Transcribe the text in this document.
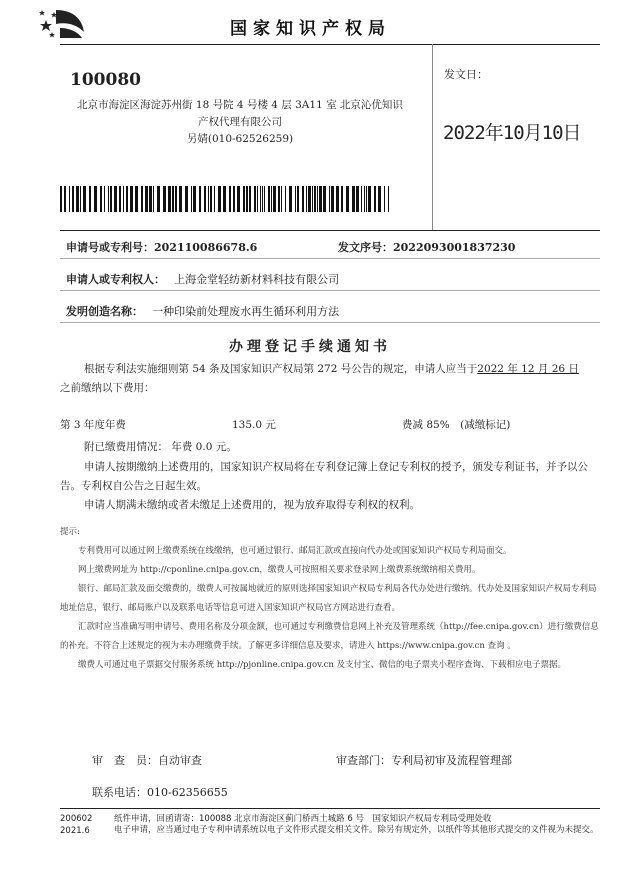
国家知识产权局
100080
北京市海淀区海淀苏州街 18 号院 4 号楼 4 层 3A11 室 北京沁优知识
产权代理有限公司
另婧(010-62526259)
发文日：
2022年10月10日
申请号或专利号：202110086678.6	发文序号：2022093001837230
申请人或专利权人： 上海金堂轻纺新材料科技有限公司
发明创造名称： 一种印染前处理废水再生循环利用方法
办理登记手续通知书
根据专利法实施细则第 54 条及国家知识产权局第 272 号公告的规定，申请人应当于2022 年 12 月 26 日
之前缴纳以下费用：
第 3 年度年费	135.0 元	费减 85%　(减缴标记)
附已缴费用情况： 年费 0.0 元。
申请人按期缴纳上述费用的，国家知识产权局将在专利登记簿上登记专利权的授予，颁发专利证书，并予以公告。专利权自公告之日起生效。
申请人期满未缴纳或者未缴足上述费用的，视为放弃取得专利权的权利。
提示:
专利费用可以通过网上缴费系统在线缴纳，也可通过银行、邮局汇款或直接向代办处或国家知识产权局专利局面交。
网上缴费网址为 http://cponline.cnipa.gov.cn，缴费人可按照相关要求登录网上缴费系统缴纳相关费用。
银行、邮局汇款及面交缴费的，缴费人可按属地就近的原则选择国家知识产权局专利局各代办处进行缴纳。代办处及国家知识产权局专利局地址信息，银行、邮局账户以及联系电话等信息可进入国家知识产权局官方网站进行查看。
汇款时应当准确写明申请号、费用名称及分项金额，也可通过专利缴费信息网上补充及管理系统（http://fee.cnipa.gov.cn）进行缴费信息的补充。不符合上述规定的视为未办理缴费手续。了解更多详细信息及要求，请进入 https://www.cnipa.gov.cn 查询 。
缴费人可通过电子票据交付服务系统 http://pjonline.cnipa.gov.cn 及支付宝、微信的电子票夹小程序查询、下载相应电子票据。
审　查　员：自动审查	审查部门：专利局初审及流程管理部
联系电话：010-62356655
200602
2021.6
纸件申请，回函请寄：100088 北京市海淀区蓟门桥西土城路 6 号　国家知识产权局专利局受理处收
电子申请，应当通过电子专利申请系统以电子文件形式提交相关文件。除另有规定外，以纸件等其他形式提交的文件视为未提交。
